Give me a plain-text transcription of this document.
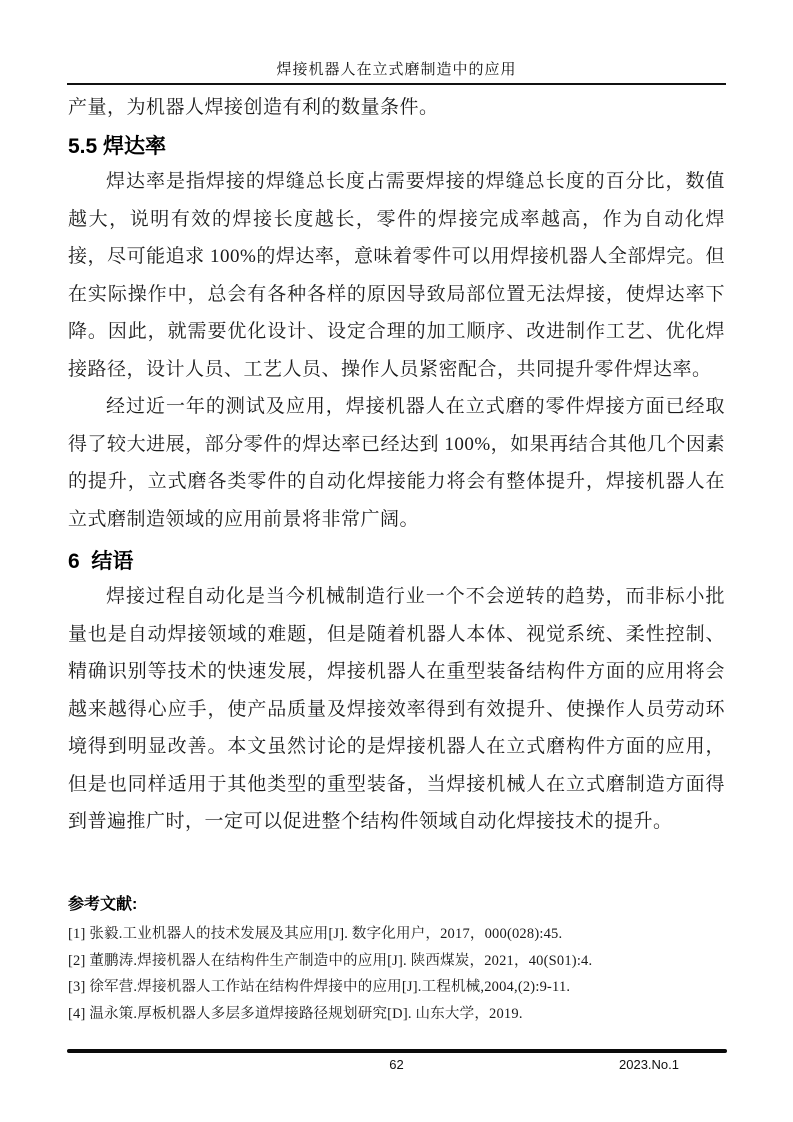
焊接机器人在立式磨制造中的应用
产量，为机器人焊接创造有利的数量条件。
5.5 焊达率

焊达率是指焊接的焊缝总长度占需要焊接的焊缝总长度的百分比，数值越大，说明有效的焊接长度越长，零件的焊接完成率越高，作为自动化焊接，尽可能追求 100%的焊达率，意味着零件可以用焊接机器人全部焊完。但在实际操作中，总会有各种各样的原因导致局部位置无法焊接，使焊达率下降。因此，就需要优化设计、设定合理的加工顺序、改进制作工艺、优化焊接路径，设计人员、工艺人员、操作人员紧密配合，共同提升零件焊达率。

经过近一年的测试及应用，焊接机器人在立式磨的零件焊接方面已经取得了较大进展，部分零件的焊达率已经达到 100%，如果再结合其他几个因素的提升，立式磨各类零件的自动化焊接能力将会有整体提升，焊接机器人在立式磨制造领域的应用前景将非常广阔。

6  结语

焊接过程自动化是当今机械制造行业一个不会逆转的趋势，而非标小批量也是自动焊接领域的难题，但是随着机器人本体、视觉系统、柔性控制、精确识别等技术的快速发展，焊接机器人在重型装备结构件方面的应用将会越来越得心应手，使产品质量及焊接效率得到有效提升、使操作人员劳动环境得到明显改善。本文虽然讨论的是焊接机器人在立式磨构件方面的应用，但是也同样适用于其他类型的重型装备，当焊接机械人在立式磨制造方面得到普遍推广时，一定可以促进整个结构件领域自动化焊接技术的提升。

参考文献:
[1] 张毅.工业机器人的技术发展及其应用[J]. 数字化用户，2017，000(028):45.
[2] 董鹏涛.焊接机器人在结构件生产制造中的应用[J]. 陕西煤炭，2021，40(S01):4.
[3] 徐军营.焊接机器人工作站在结构件焊接中的应用[J].工程机械,2004,(2):9-11.
[4] 温永策.厚板机器人多层多道焊接路径规划研究[D]. 山东大学，2019.
62	2023.No.1
